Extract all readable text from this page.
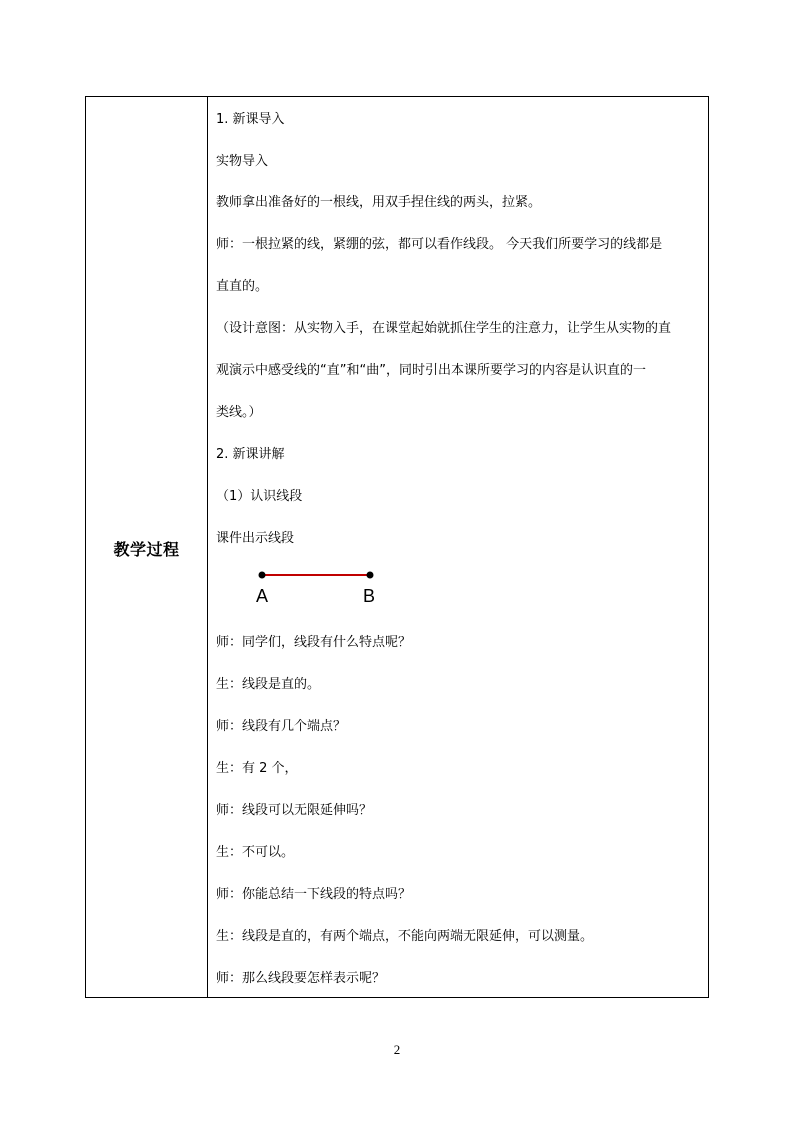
教学过程
1. 新课导入
实物导入
教师拿出准备好的一根线，用双手捏住线的两头，拉紧。
师：一根拉紧的线，紧绷的弦，都可以看作线段。 今天我们所要学习的线都是
直直的。
（设计意图：从实物入手，在课堂起始就抓住学生的注意力，让学生从实物的直
观演示中感受线的“直”和“曲”，同时引出本课所要学习的内容是认识直的一
类线。）
2. 新课讲解
（1）认识线段
课件出示线段
A	B
师：同学们，线段有什么特点呢？
生：线段是直的。
师：线段有几个端点？
生：有 2 个，
师：线段可以无限延伸吗？
生：不可以。
师：你能总结一下线段的特点吗？
生：线段是直的，有两个端点，不能向两端无限延伸，可以测量。
师：那么线段要怎样表示呢？
2
